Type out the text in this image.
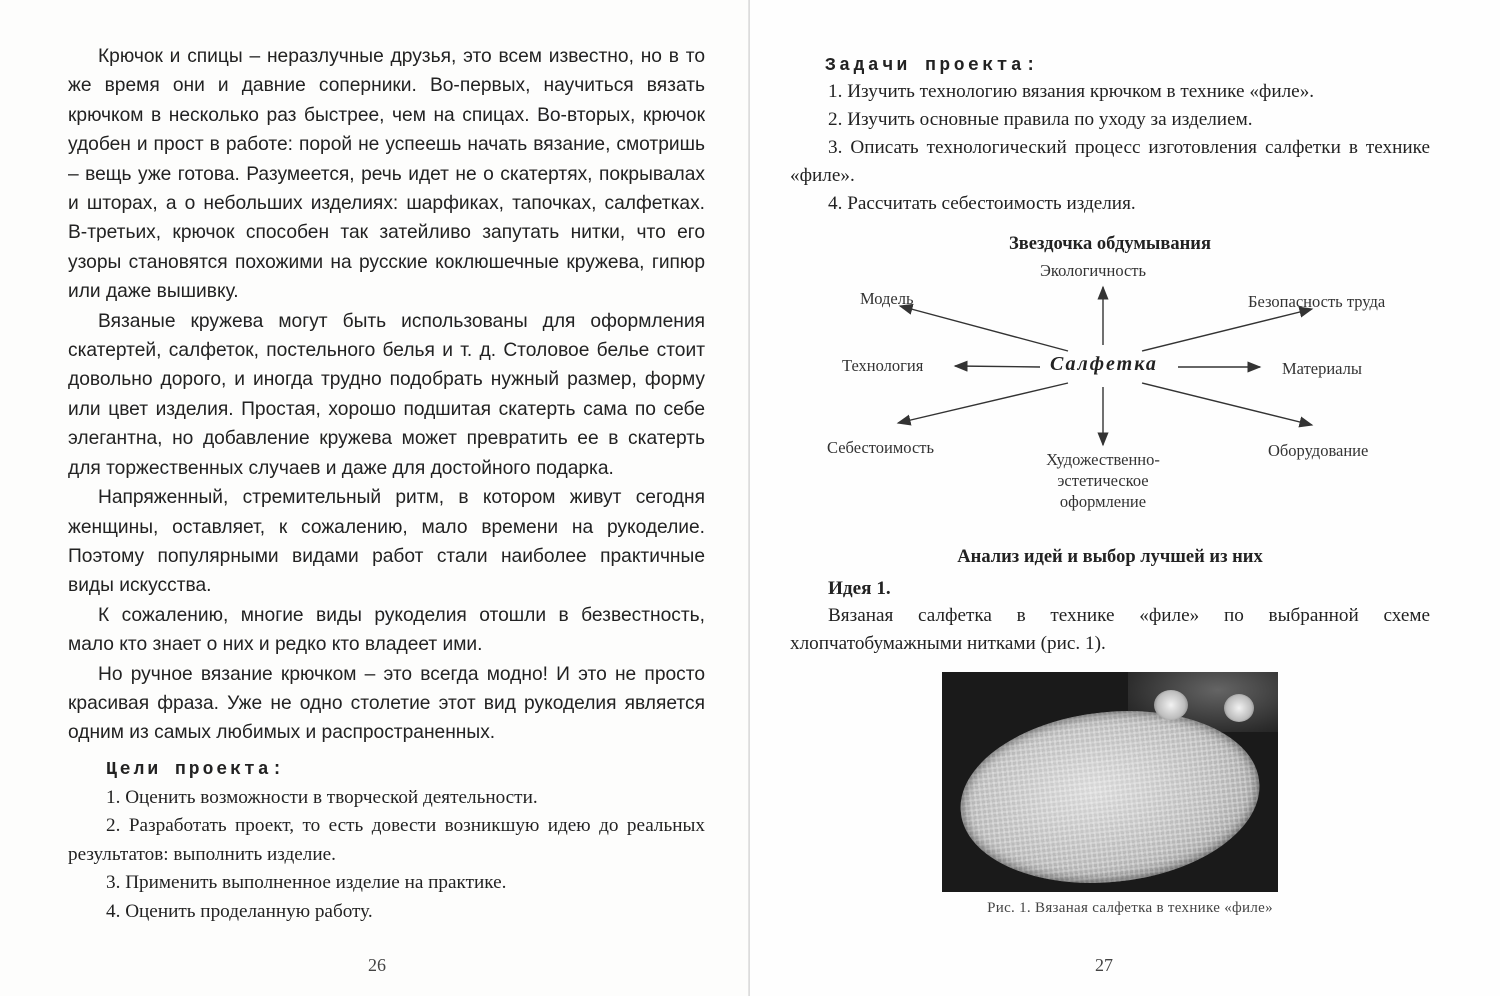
Крючок и спицы – неразлучные друзья, это всем известно, но в то же время они и давние соперники. Во-первых, научиться вязать крючком в несколько раз быстрее, чем на спицах. Во-вторых, крючок удобен и прост в работе: порой не успеешь начать вязание, смотришь – вещь уже готова. Разумеется, речь идет не о скатертях, покрывалах и шторах, а о небольших изделиях: шарфиках, тапочках, салфетках. В-третьих, крючок способен так затейливо запутать нитки, что его узоры становятся похожими на русские коклюшечные кружева, гипюр или даже вышивку.

Вязаные кружева могут быть использованы для оформления скатертей, салфеток, постельного белья и т. д. Столовое белье стоит довольно дорого, и иногда трудно подобрать нужный размер, форму или цвет изделия. Простая, хорошо подшитая скатерть сама по себе элегантна, но добавление кружева может превратить ее в скатерть для торжественных случаев и даже для достойного подарка.

Напряженный, стремительный ритм, в котором живут сегодня женщины, оставляет, к сожалению, мало времени на рукоделие. Поэтому популярными видами работ стали наиболее практичные виды искусства.

К сожалению, многие виды рукоделия отошли в безвестность, мало кто знает о них и редко кто владеет ими.

Но ручное вязание крючком – это всегда модно! И это не просто красивая фраза. Уже не одно столетие этот вид рукоделия является одним из самых любимых и распространенных.

Цели проекта:
1. Оценить возможности в творческой деятельности.
2. Разработать проект, то есть довести возникшую идею до реальных результатов: выполнить изделие.
3. Применить выполненное изделие на практике.
4. Оценить проделанную работу.
26
Задачи проекта:
1. Изучить технологию вязания крючком в технике «филе».
2. Изучить основные правила по уходу за изделием.
3. Описать технологический процесс изготовления салфетки в технике «филе».
4. Рассчитать себестоимость изделия.
Звездочка обдумывания
Экологичность
Модель	Безопасность труда
Технология	Салфетка	Материалы
Себестоимость
Художественно-эстетическое оформление
Оборудование
Анализ идей и выбор лучшей из них
Идея 1.

Вязаная салфетка в технике «филе» по выбранной схеме хлопчатобумажными нитками (рис. 1).

Рис. 1. Вязаная салфетка в технике «филе»
27
